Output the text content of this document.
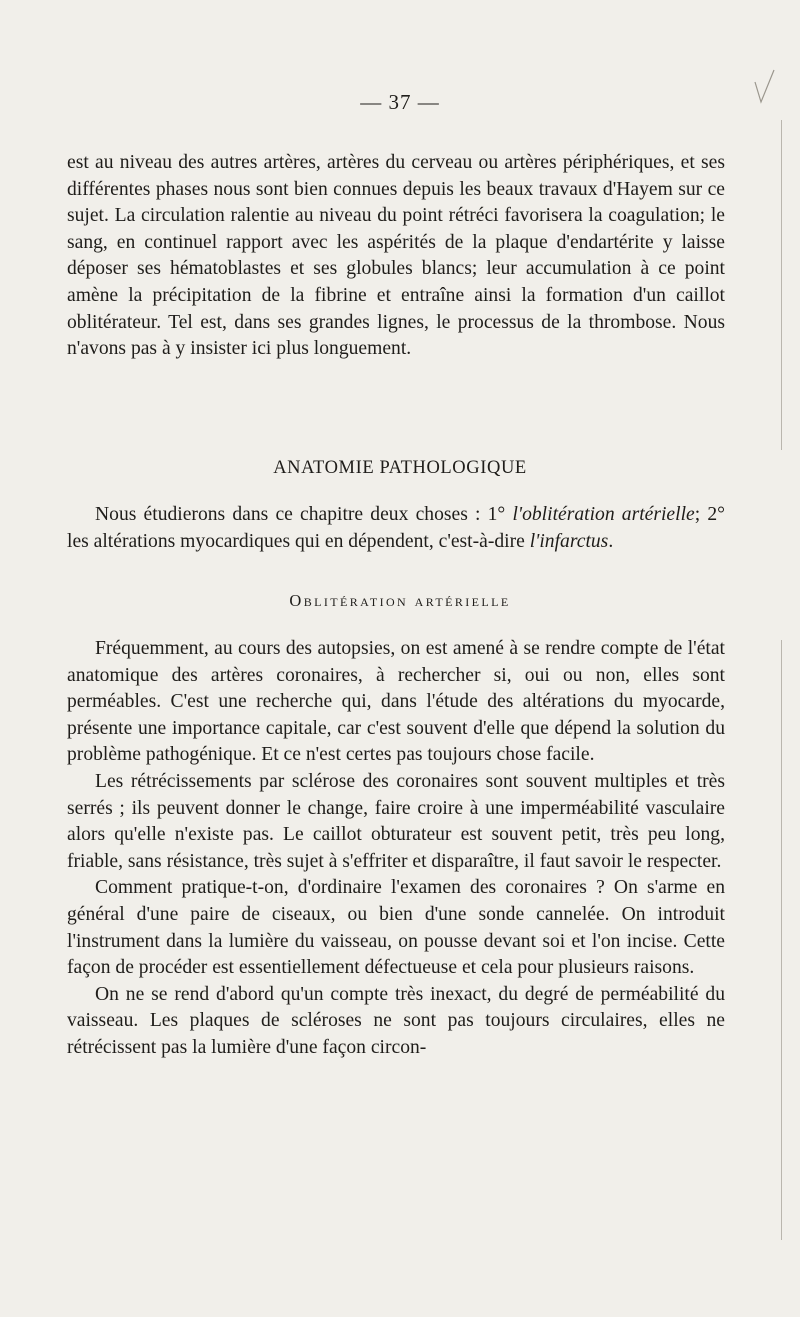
— 37 —

est au niveau des autres artères, artères du cerveau ou artères périphériques, et ses différentes phases nous sont bien connues depuis les beaux travaux d'Hayem sur ce sujet. La circulation ralentie au niveau du point rétréci favorisera la coagulation; le sang, en continuel rapport avec les aspérités de la plaque d'endartérite y laisse déposer ses hématoblastes et ses globules blancs; leur accumulation à ce point amène la précipitation de la fibrine et entraîne ainsi la formation d'un caillot oblitérateur. Tel est, dans ses grandes lignes, le processus de la thrombose. Nous n'avons pas à y insister ici plus longuement.

ANATOMIE PATHOLOGIQUE

Nous étudierons dans ce chapitre deux choses : 1° l'oblitération artérielle; 2° les altérations myocardiques qui en dépendent, c'est-à-dire l'infarctus.

Oblitération artérielle

Fréquemment, au cours des autopsies, on est amené à se rendre compte de l'état anatomique des artères coronaires, à rechercher si, oui ou non, elles sont perméables. C'est une recherche qui, dans l'étude des altérations du myocarde, présente une importance capitale, car c'est souvent d'elle que dépend la solution du problème pathogénique. Et ce n'est certes pas toujours chose facile.

Les rétrécissements par sclérose des coronaires sont souvent multiples et très serrés ; ils peuvent donner le change, faire croire à une imperméabilité vasculaire alors qu'elle n'existe pas. Le caillot obturateur est souvent petit, très peu long, friable, sans résistance, très sujet à s'effriter et disparaître, il faut savoir le respecter.

Comment pratique-t-on, d'ordinaire l'examen des coronaires ? On s'arme en général d'une paire de ciseaux, ou bien d'une sonde cannelée. On introduit l'instrument dans la lumière du vaisseau, on pousse devant soi et l'on incise. Cette façon de procéder est essentiellement défectueuse et cela pour plusieurs raisons.

On ne se rend d'abord qu'un compte très inexact, du degré de perméabilité du vaisseau. Les plaques de scléroses ne sont pas toujours circulaires, elles ne rétrécissent pas la lumière d'une façon circon-
